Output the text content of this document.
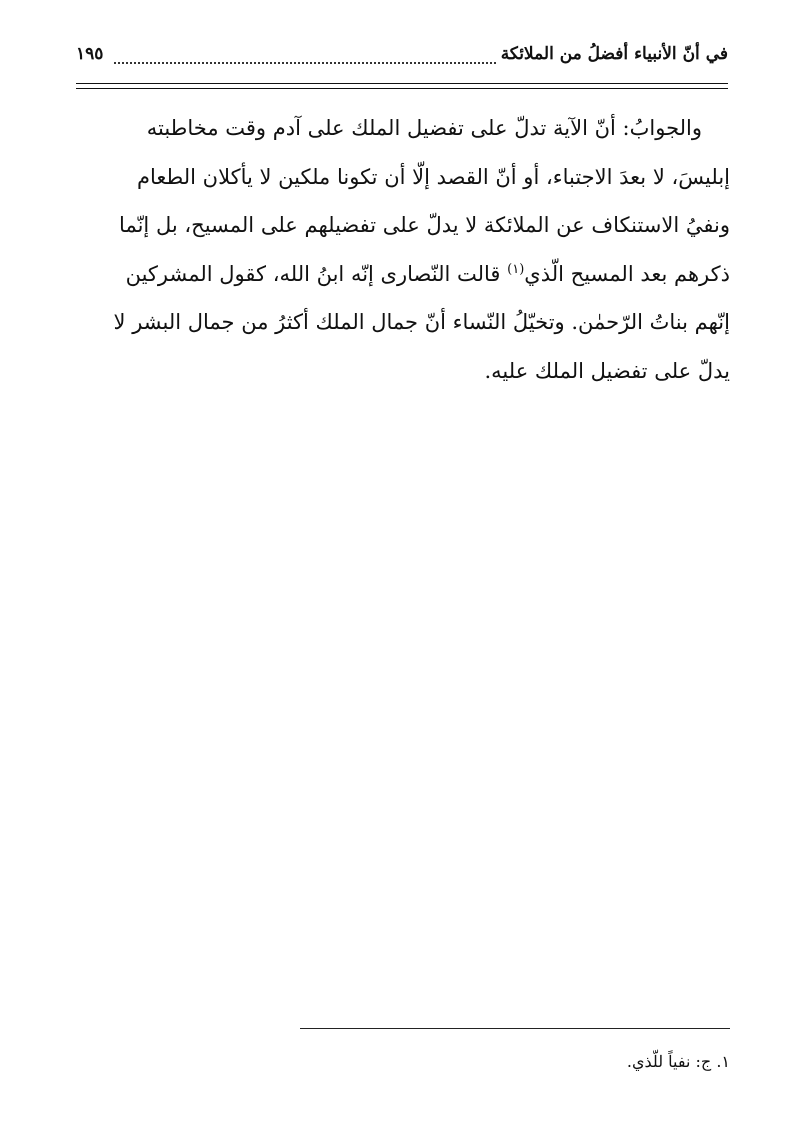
في أنّ الأنبياء أفضلُ من الملائكة
١٩٥
والجوابُ: أنّ الآية تدلّ على تفضيل الملك على آدم وقت مخاطبته
إبليسَ، لا بعدَ الاجتباء، أو أنّ القصد إلّا أن تكونا ملكين لا يأكلان الطعام
ونفيُ الاستنكاف عن الملائكة لا يدلّ على تفضيلهم على المسيح، بل إنّما
ذكرهم بعد المسيح الّذي$^{(١)}$ قالت النّصارى إنّه ابنُ الله، كقول المشركين
إنّهم بناتُ الرّحمٰن. وتخيّلُ النّساء أنّ جمال الملك أكثرُ من جمال البشر لا
يدلّ على تفضيل الملك عليه.
١. ج: نفياً للّذي.
